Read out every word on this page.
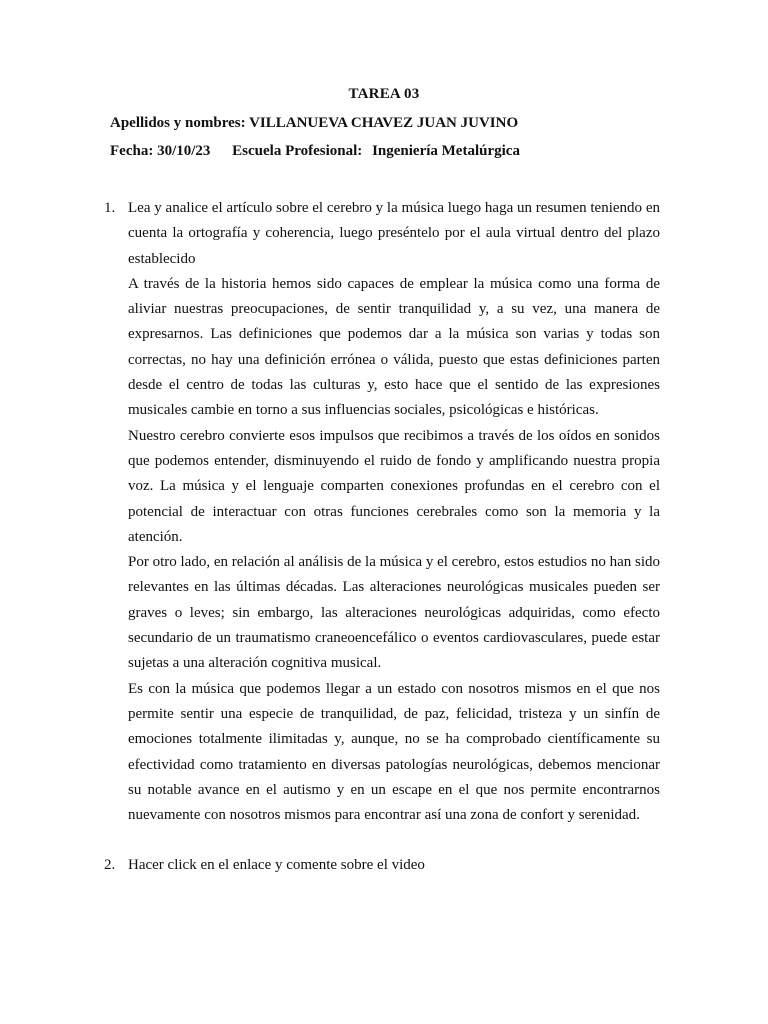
TAREA 03
Apellidos y nombres: VILLANUEVA CHAVEZ JUAN JUVINO
Fecha: 30/10/23 Escuela Profesional: Ingeniería Metalúrgica
1. Lea y analice el artículo sobre el cerebro y la música luego haga un resumen teniendo en cuenta la ortografía y coherencia, luego preséntelo por el aula virtual dentro del plazo establecido

A través de la historia hemos sido capaces de emplear la música como una forma de aliviar nuestras preocupaciones, de sentir tranquilidad y, a su vez, una manera de expresarnos. Las definiciones que podemos dar a la música son varias y todas son correctas, no hay una definición errónea o válida, puesto que estas definiciones parten desde el centro de todas las culturas y, esto hace que el sentido de las expresiones musicales cambie en torno a sus influencias sociales, psicológicas e históricas.

Nuestro cerebro convierte esos impulsos que recibimos a través de los oídos en sonidos que podemos entender, disminuyendo el ruido de fondo y amplificando nuestra propia voz. La música y el lenguaje comparten conexiones profundas en el cerebro con el potencial de interactuar con otras funciones cerebrales como son la memoria y la atención.

Por otro lado, en relación al análisis de la música y el cerebro, estos estudios no han sido relevantes en las últimas décadas. Las alteraciones neurológicas musicales pueden ser graves o leves; sin embargo, las alteraciones neurológicas adquiridas, como efecto secundario de un traumatismo craneoencefálico o eventos cardiovasculares, puede estar sujetas a una alteración cognitiva musical.

Es con la música que podemos llegar a un estado con nosotros mismos en el que nos permite sentir una especie de tranquilidad, de paz, felicidad, tristeza y un sinfín de emociones totalmente ilimitadas y, aunque, no se ha comprobado científicamente su efectividad como tratamiento en diversas patologías neurológicas, debemos mencionar su notable avance en el autismo y en un escape en el que nos permite encontrarnos nuevamente con nosotros mismos para encontrar así una zona de confort y serenidad.

2. Hacer click en el enlace y comente sobre el video
